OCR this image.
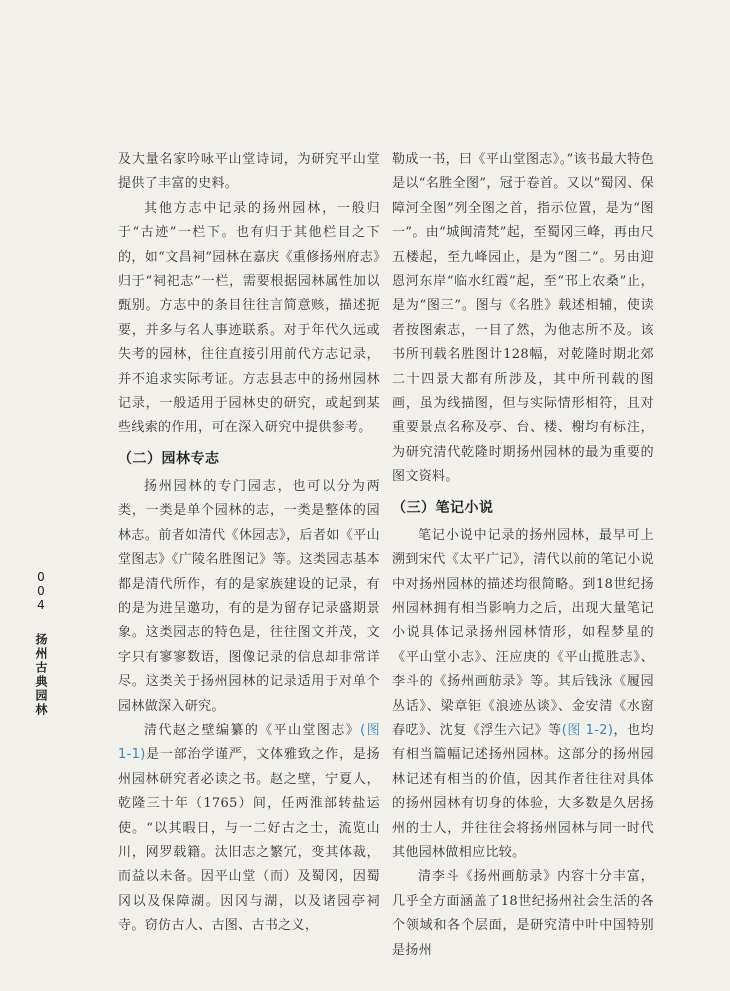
004 扬州古典园林

及大量名家吟咏平山堂诗词，为研究平山堂提供了丰富的史料。

其他方志中记录的扬州园林，一般归于“古迹”一栏下。也有归于其他栏目之下的，如“文昌祠”园林在嘉庆《重修扬州府志》归于“祠祀志”一栏，需要根据园林属性加以甄别。方志中的条目往往言简意赅，描述扼要，并多与名人事迹联系。对于年代久远或失考的园林，往往直接引用前代方志记录，并不追求实际考证。方志县志中的扬州园林记录，一般适用于园林史的研究，或起到某些线索的作用，可在深入研究中提供参考。

（二）园林专志

扬州园林的专门园志，也可以分为两类，一类是单个园林的志，一类是整体的园林志。前者如清代《休园志》，后者如《平山堂图志》《广陵名胜图记》等。这类园志基本都是清代所作，有的是家族建设的记录，有的是为进呈邀功，有的是为留存记录盛期景象。这类园志的特色是，往往图文并茂，文字只有寥寥数语，图像记录的信息却非常详尽。这类关于扬州园林的记录适用于对单个园林做深入研究。

清代赵之壁编纂的《平山堂图志》(图 1-1)是一部治学谨严，文体雅致之作，是扬州园林研究者必读之书。赵之壁，宁夏人，乾隆三十年（1765）间，任两淮部转盐运使。“以其暇日，与一二好古之士，流览山川，网罗载籍。汰旧志之繁冗，变其体裁，而益以未备。因平山堂（而）及蜀冈，因蜀冈以及保障湖。因冈与湖，以及诸园亭祠寺。窃仿古人、古图、古书之义，

勒成一书，曰《平山堂图志》。”该书最大特色是以“名胜全图”，冠于卷首。又以“蜀冈、保障河全图”列全图之首，指示位置，是为“图一”。由“城闽清梵”起，至蜀冈三峰，再由尺五楼起，至九峰园止，是为“图二”。另由迎恩河东岸“临水红霞”起，至“邗上农桑”止，是为“图三”。图与《名胜》载述相辅，使读者按图索志，一目了然，为他志所不及。该书所刊载名胜图计128幅，对乾隆时期北郊二十四景大都有所涉及，其中所刊载的图画，虽为线描图，但与实际情形相符，且对重要景点名称及亭、台、楼、榭均有标注，为研究清代乾隆时期扬州园林的最为重要的图文资料。

（三）笔记小说

笔记小说中记录的扬州园林，最早可上溯到宋代《太平广记》，清代以前的笔记小说中对扬州园林的描述均很简略。到18世纪扬州园林拥有相当影响力之后，出现大量笔记小说具体记录扬州园林情形，如程梦星的《平山堂小志》、汪应庚的《平山揽胜志》、李斗的《扬州画舫录》等。其后钱泳《履园丛话》、梁章钜《浪迹丛谈》、金安清《水窗春呓》、沈复《浮生六记》等(图 1-2)，也均有相当篇幅记述扬州园林。这部分的扬州园林记述有相当的价值，因其作者往往对具体的扬州园林有切身的体验，大多数是久居扬州的士人，并往往会将扬州园林与同一时代其他园林做相应比较。

清李斗《扬州画舫录》内容十分丰富，几乎全方面涵盖了18世纪扬州社会生活的各个领域和各个层面，是研究清中叶中国特别是扬州
